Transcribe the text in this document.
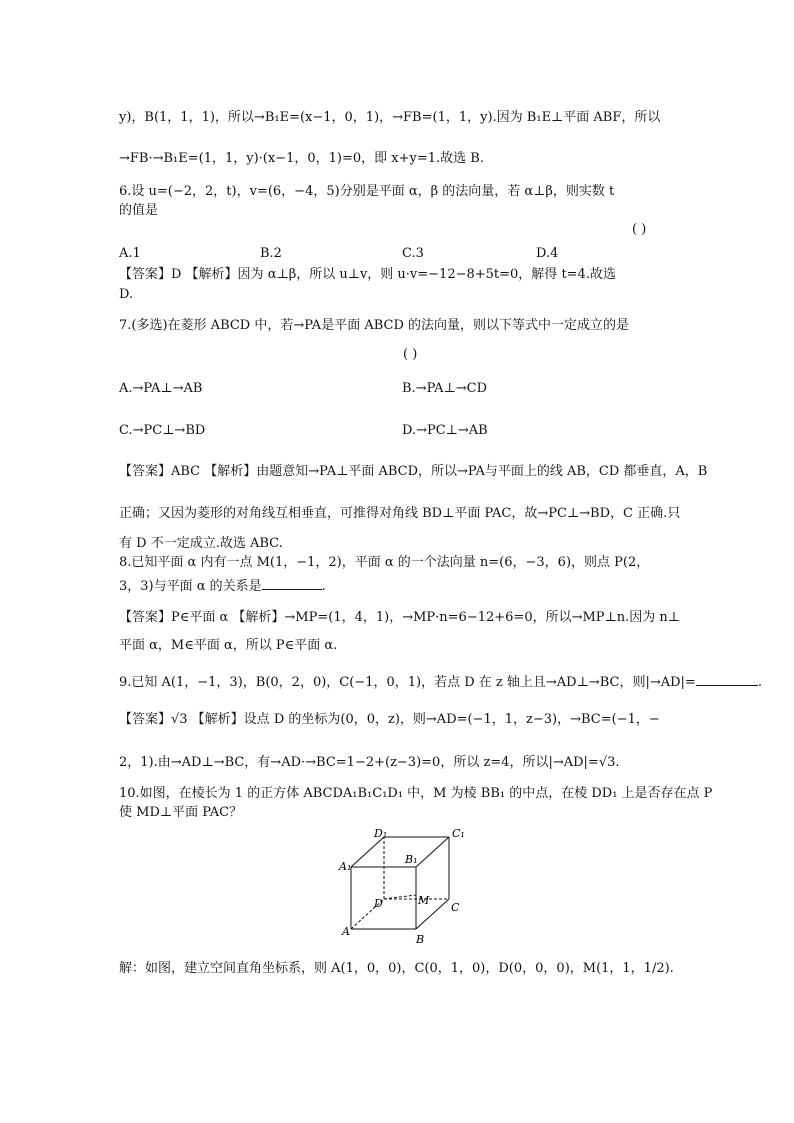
y)，B(1，1，1)，所以→B₁E=(x−1，0，1)，→FB=(1，1，y).因为 B₁E⊥平面 ABF，所以
→FB·→B₁E=(1，1，y)·(x−1，0，1)=0，即 x+y=1.故选 B.
6.设 u=(−2，2，t)，v=(6，−4，5)分别是平面 α，β 的法向量，若 α⊥β，则实数 t
的值是
( )
A.1	B.2	C.3	D.4
【答案】D 【解析】因为 α⊥β，所以 u⊥v，则 u·v=−12−8+5t=0，解得 t=4.故选
D.
7.(多选)在菱形 ABCD 中，若→PA是平面 ABCD 的法向量，则以下等式中一定成立的是
( )
A.→PA⊥→AB	B.→PA⊥→CD
C.→PC⊥→BD	D.→PC⊥→AB
【答案】ABC 【解析】由题意知→PA⊥平面 ABCD，所以→PA与平面上的线 AB，CD 都垂直，A，B
正确；又因为菱形的对角线互相垂直，可推得对角线 BD⊥平面 PAC，故→PC⊥→BD，C 正确.只
有 D 不一定成立.故选 ABC.
8.已知平面 α 内有一点 M(1，−1，2)，平面 α 的一个法向量 n=(6，−3，6)，则点 P(2，
3，3)与平面 α 的关系是	.
【答案】P∈平面 α 【解析】→MP=(1，4，1)，→MP·n=6−12+6=0，所以→MP⊥n.因为 n⊥
平面 α，M∈平面 α，所以 P∈平面 α.
9.已知 A(1，−1，3)，B(0，2，0)，C(−1，0，1)，若点 D 在 z 轴上且→AD⊥→BC，则|→AD|=	.
【答案】√3 【解析】设点 D 的坐标为(0，0，z)，则→AD=(−1，1，z−3)，→BC=(−1，−
2，1).由→AD⊥→BC，有→AD·→BC=1−2+(z−3)=0，所以 z=4，所以|→AD|=√3.
10.如图，在棱长为 1 的正方体 ABCDA₁B₁C₁D₁ 中，M 为棱 BB₁ 的中点，在棱 DD₁ 上是否存在点 P
使 MD⊥平面 PAC？
D₁	C₁
A₁
B₁
D	M
C
A
B
解：如图，建立空间直角坐标系，则 A(1，0，0)，C(0，1，0)，D(0，0，0)，M(1，1，1/2).
